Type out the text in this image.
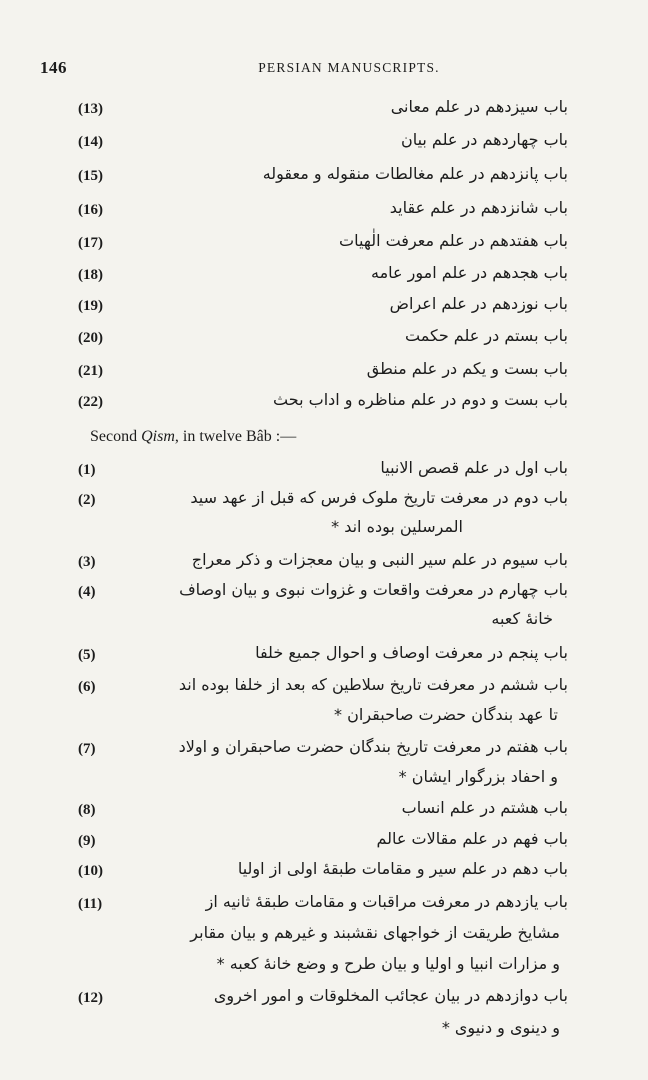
146	PERSIAN MANUSCRIPTS.
(13)	باب سیزدهم در علم معانی
(14)	باب چهاردهم در علم بیان
(15)	باب پانزدهم در علم مغالطات منقوله و معقوله
(16)	باب شانزدهم در علم عقاید
(17)	باب هفتدهم در علم معرفت الٰهیات
(18)	باب هجدهم در علم امور عامه
(19)	باب نوزدهم در علم اعراض
(20)	باب بستم در علم حکمت
(21)	باب بست و یکم در علم منطق
(22)	باب بست و دوم در علم مناظره و اداب بحث
Second Qism, in twelve Bâb :—
(1)	باب اول در علم قصص الانبیا
(2)	باب دوم در معرفت تاریخ ملوک فرس که قبل از عهد سید
المرسلین بوده اند *
(3)	باب سیوم در علم سیر النبی و بیان معجزات و ذکر معراج
(4)	باب چهارم در معرفت واقعات و غزوات نبوی و بیان اوصاف
خانهٔ کعبه
(5)	باب پنجم در معرفت اوصاف و احوال جمیع خلفا
(6)	باب ششم در معرفت تاریخ سلاطین که بعد از خلفا بوده اند
تا عهد بندگان حضرت صاحبقران *
(7)	باب هفتم در معرفت تاریخ بندگان حضرت صاحبقران و اولاد
و احفاد بزرگوار ایشان *
(8)	باب هشتم در علم انساب
(9)	باب فهم در علم مقالات عالم
(10)	باب دهم در علم سیر و مقامات طبقهٔ اولی از اولیا
(11)	باب یازدهم در معرفت مراقبات و مقامات طبقهٔ ثانیه از
مشایخ طریقت از خواجهای نقشبند و غیرهم و بیان مقابر
و مزارات انبیا و اولیا و بیان طرح و وضع خانهٔ کعبه *
(12)	باب دوازدهم در بیان عجائب المخلوقات و امور اخروی
و دینوی و دنیوی *
